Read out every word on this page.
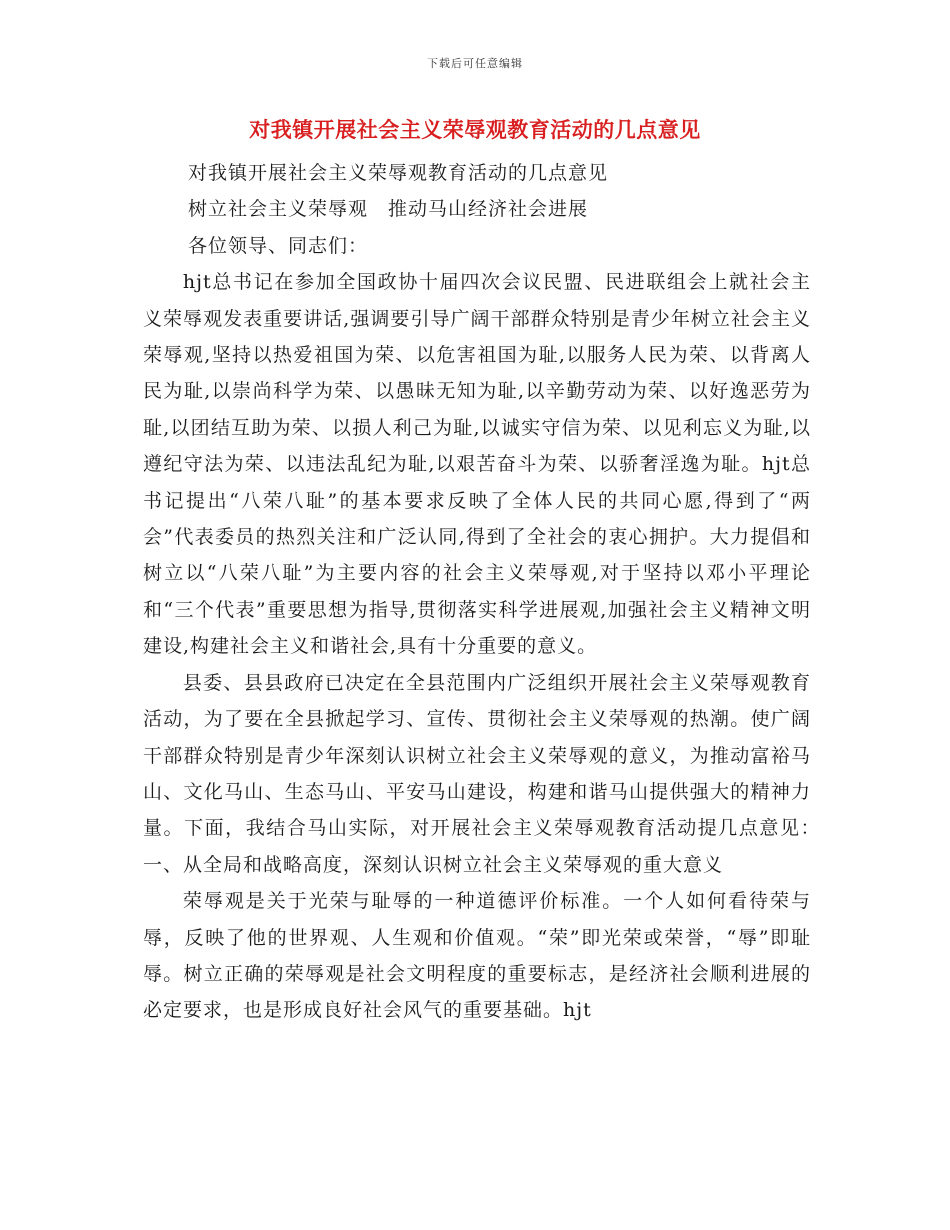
下载后可任意编辑
对我镇开展社会主义荣辱观教育活动的几点意见

对我镇开展社会主义荣辱观教育活动的几点意见

树立社会主义荣辱观　推动马山经济社会进展

各位领导、同志们：

hjt总书记在参加全国政协十届四次会议民盟、民进联组会上就社会主义荣辱观发表重要讲话,强调要引导广阔干部群众特别是青少年树立社会主义荣辱观,坚持以热爱祖国为荣、以危害祖国为耻,以服务人民为荣、以背离人民为耻,以崇尚科学为荣、以愚昧无知为耻,以辛勤劳动为荣、以好逸恶劳为耻,以团结互助为荣、以损人利己为耻,以诚实守信为荣、以见利忘义为耻,以遵纪守法为荣、以违法乱纪为耻,以艰苦奋斗为荣、以骄奢淫逸为耻。hjt总书记提出“八荣八耻”的基本要求反映了全体人民的共同心愿,得到了“两会”代表委员的热烈关注和广泛认同,得到了全社会的衷心拥护。大力提倡和树立以“八荣八耻”为主要内容的社会主义荣辱观,对于坚持以邓小平理论和“三个代表”重要思想为指导,贯彻落实科学进展观,加强社会主义精神文明建设,构建社会主义和谐社会,具有十分重要的意义。

县委、县县政府已决定在全县范围内广泛组织开展社会主义荣辱观教育活动，为了要在全县掀起学习、宣传、贯彻社会主义荣辱观的热潮。使广阔干部群众特别是青少年深刻认识树立社会主义荣辱观的意义，为推动富裕马山、文化马山、生态马山、平安马山建设，构建和谐马山提供强大的精神力量。下面，我结合马山实际，对开展社会主义荣辱观教育活动提几点意见：　　　　　一、从全局和战略高度，深刻认识树立社会主义荣辱观的重大意义

荣辱观是关于光荣与耻辱的一种道德评价标准。一个人如何看待荣与辱，反映了他的世界观、人生观和价值观。“荣”即光荣或荣誉，“辱”即耻辱。树立正确的荣辱观是社会文明程度的重要标志，是经济社会顺利进展的必定要求，也是形成良好社会风气的重要基础。hjt
